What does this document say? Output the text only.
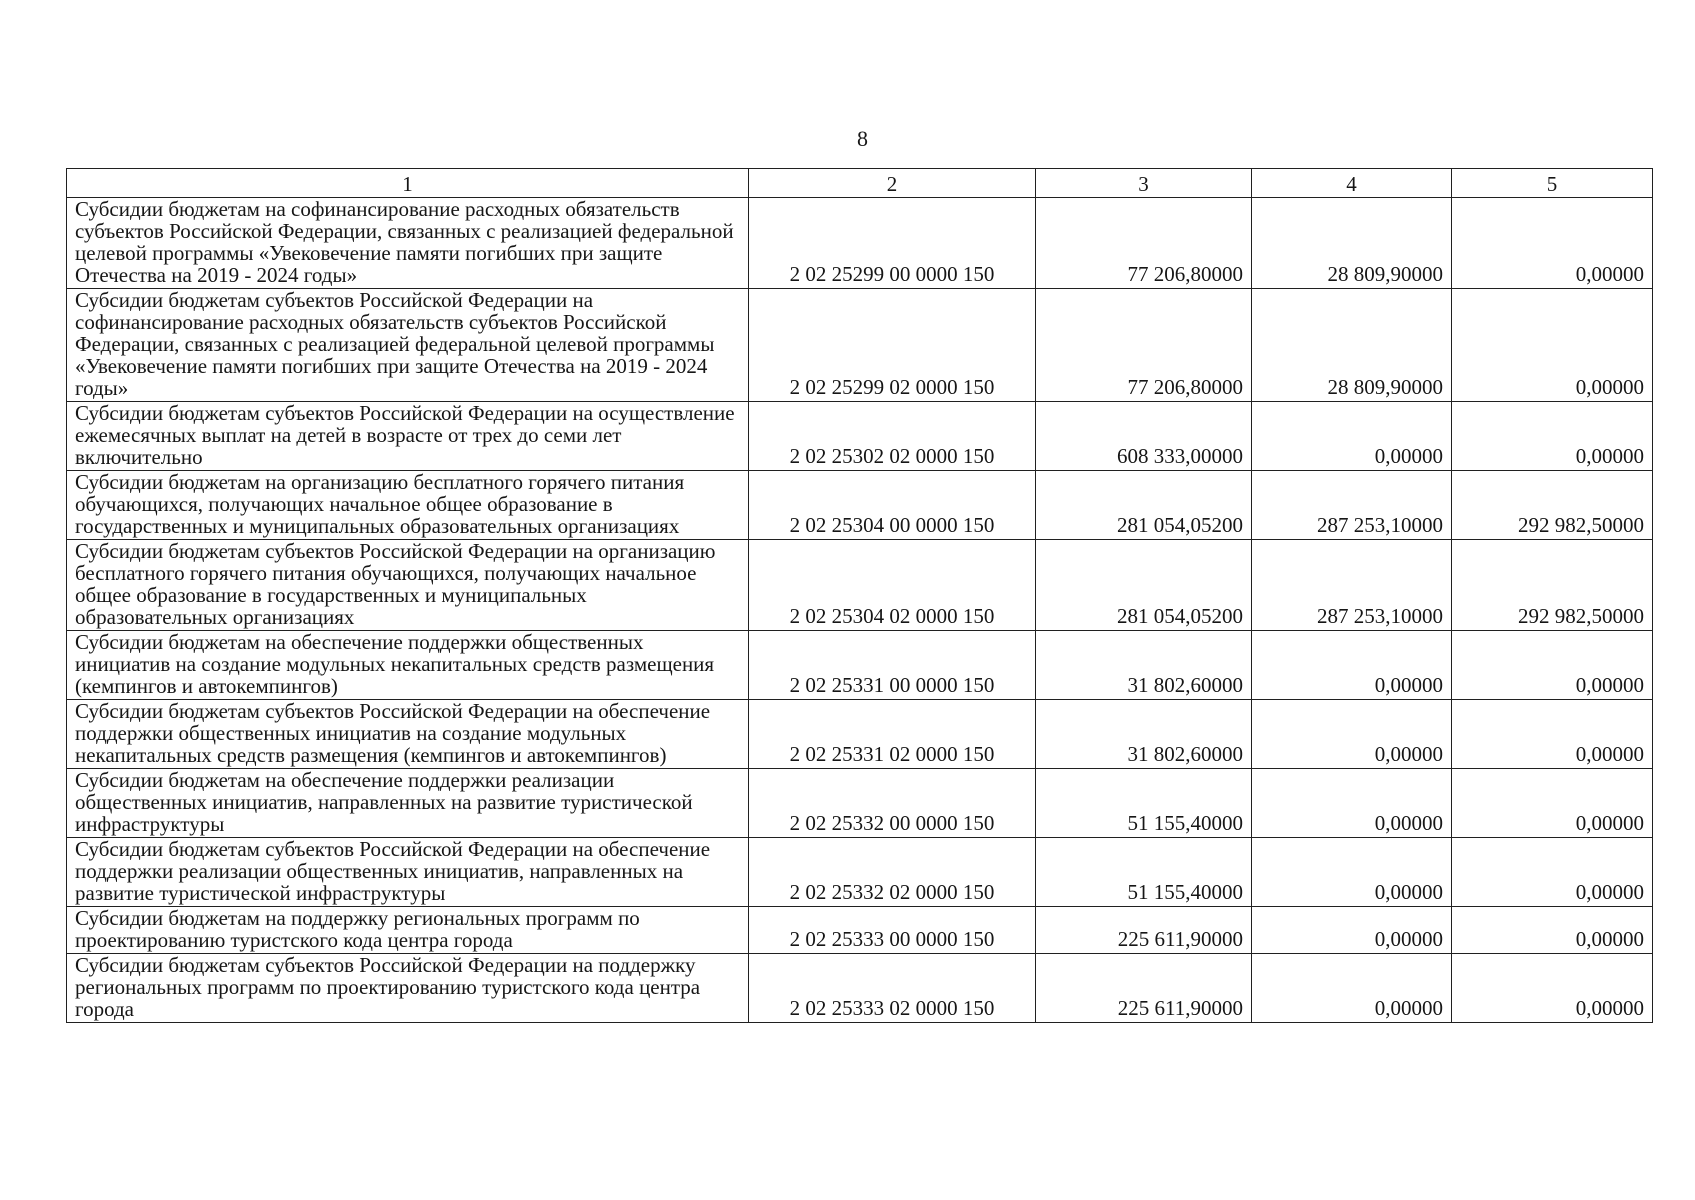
8
1	2	3	4	5
Субсидии бюджетам на софинансирование расходных обязательств субъектов Российской Федерации, связанных с реализацией федеральной целевой программы «Увековечение памяти погибших при защите Отечества на 2019 - 2024 годы»	2 02 25299 00 0000 150	77 206,80000	28 809,90000	0,00000
Субсидии бюджетам субъектов Российской Федерации на софинансирование расходных обязательств субъектов Российской Федерации, связанных с реализацией федеральной целевой программы «Увековечение памяти погибших при защите Отечества на 2019 - 2024 годы»	2 02 25299 02 0000 150	77 206,80000	28 809,90000	0,00000
Субсидии бюджетам субъектов Российской Федерации на осуществление ежемесячных выплат на детей в возрасте от трех до семи лет включительно	2 02 25302 02 0000 150	608 333,00000	0,00000	0,00000
Субсидии бюджетам на организацию бесплатного горячего питания обучающихся, получающих начальное общее образование в государственных и муниципальных образовательных организациях	2 02 25304 00 0000 150	281 054,05200	287 253,10000	292 982,50000
Субсидии бюджетам субъектов Российской Федерации на организацию бесплатного горячего питания обучающихся, получающих начальное общее образование в государственных и муниципальных образовательных организациях	2 02 25304 02 0000 150	281 054,05200	287 253,10000	292 982,50000
Субсидии бюджетам на обеспечение поддержки общественных инициатив на создание модульных некапитальных средств размещения (кемпингов и автокемпингов)	2 02 25331 00 0000 150	31 802,60000	0,00000	0,00000
Субсидии бюджетам субъектов Российской Федерации на обеспечение поддержки общественных инициатив на создание модульных некапитальных средств размещения (кемпингов и автокемпингов)	2 02 25331 02 0000 150	31 802,60000	0,00000	0,00000
Субсидии бюджетам на обеспечение поддержки реализации общественных инициатив, направленных на развитие туристической инфраструктуры	2 02 25332 00 0000 150	51 155,40000	0,00000	0,00000
Субсидии бюджетам субъектов Российской Федерации на обеспечение поддержки реализации общественных инициатив, направленных на развитие туристической инфраструктуры	2 02 25332 02 0000 150	51 155,40000	0,00000	0,00000
Субсидии бюджетам на поддержку региональных программ по проектированию туристского кода центра города	2 02 25333 00 0000 150	225 611,90000	0,00000	0,00000
Субсидии бюджетам субъектов Российской Федерации на поддержку региональных программ по проектированию туристского кода центра города	2 02 25333 02 0000 150	225 611,90000	0,00000	0,00000
